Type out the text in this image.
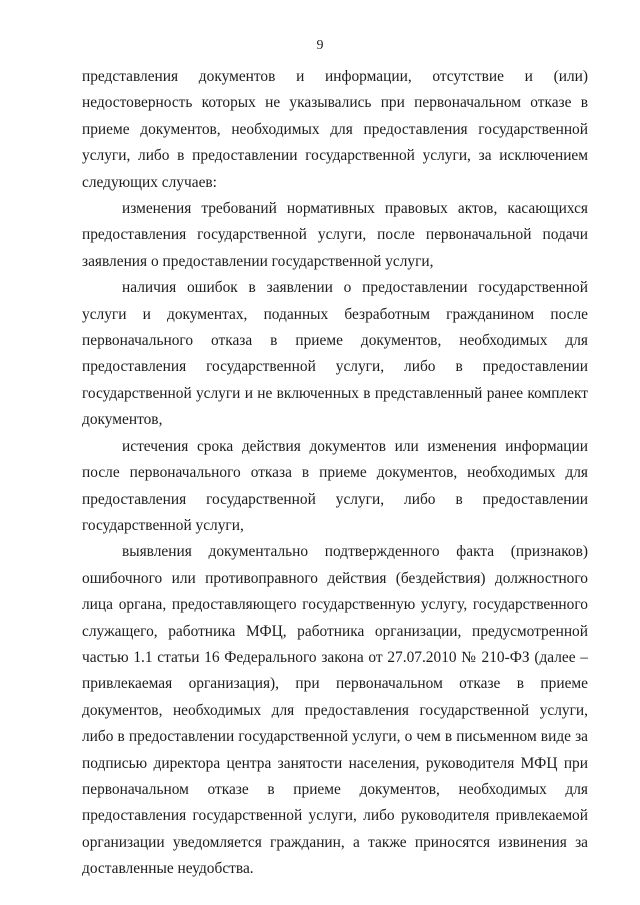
9

представления документов и информации, отсутствие и (или) недостоверность которых не указывались при первоначальном отказе в приеме документов, необходимых для предоставления государственной услуги, либо в предоставлении государственной услуги, за исключением следующих случаев:

изменения требований нормативных правовых актов, касающихся предоставления государственной услуги, после первоначальной подачи заявления о предоставлении государственной услуги,

наличия ошибок в заявлении о предоставлении государственной услуги и документах, поданных безработным гражданином после первоначального отказа в приеме документов, необходимых для предоставления государственной услуги, либо в предоставлении государственной услуги и не включенных в представленный ранее комплект документов,

истечения срока действия документов или изменения информации после первоначального отказа в приеме документов, необходимых для предоставления государственной услуги, либо в предоставлении государственной услуги,

выявления документально подтвержденного факта (признаков) ошибочного или противоправного действия (бездействия) должностного лица органа, предоставляющего государственную услугу, государственного служащего, работника МФЦ, работника организации, предусмотренной частью 1.1 статьи 16 Федерального закона от 27.07.2010 № 210-ФЗ (далее – привлекаемая организация), при первоначальном отказе в приеме документов, необходимых для предоставления государственной услуги, либо в предоставлении государственной услуги, о чем в письменном виде за подписью директора центра занятости населения, руководителя МФЦ при первоначальном отказе в приеме документов, необходимых для предоставления государственной услуги, либо руководителя привлекаемой организации уведомляется гражданин, а также приносятся извинения за доставленные неудобства.
